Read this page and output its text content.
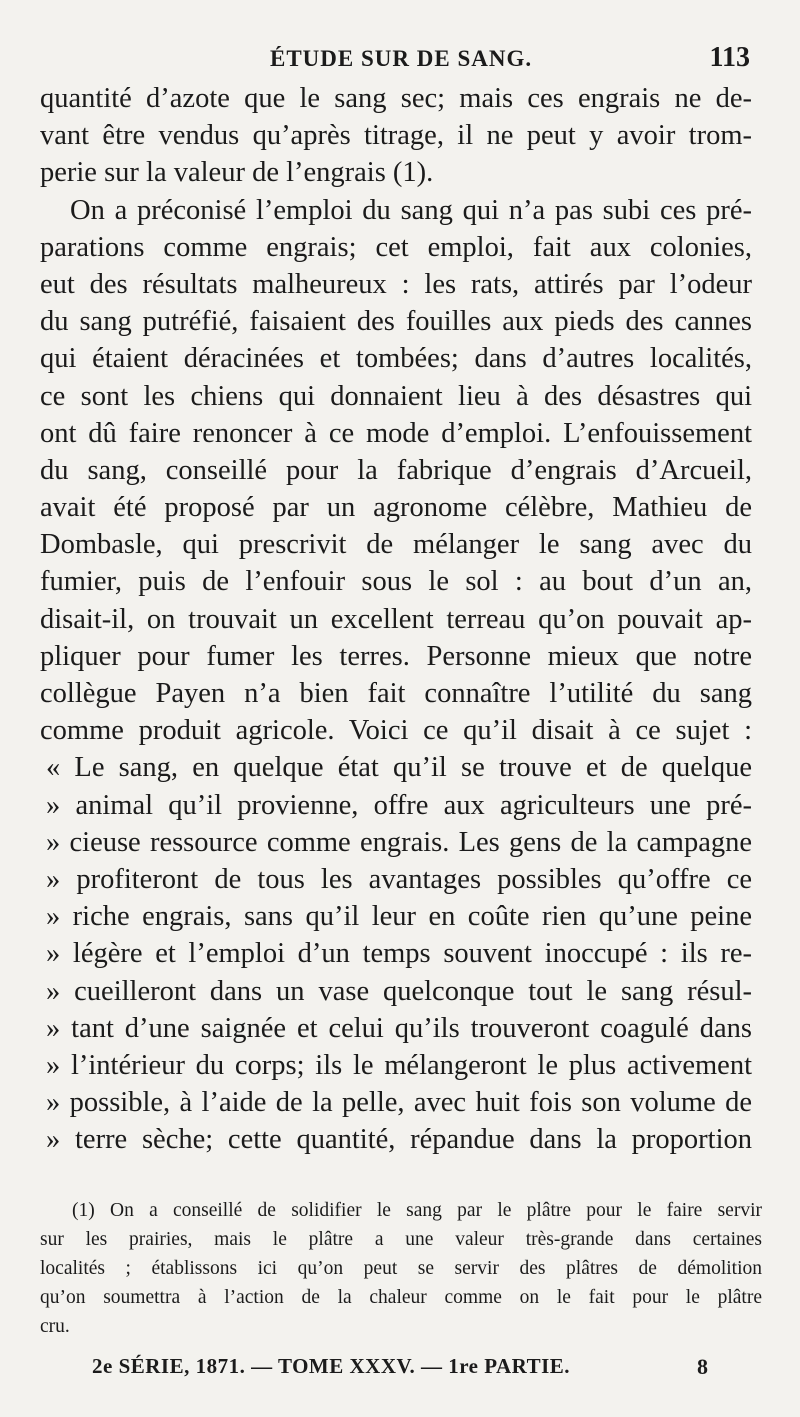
ÉTUDE SUR DE SANG.	113
quantité d’azote que le sang sec; mais ces engrais ne de-
vant être vendus qu’après titrage, il ne peut y avoir trom-
perie sur la valeur de l’engrais (1).
On a préconisé l’emploi du sang qui n’a pas subi ces pré-
parations comme engrais; cet emploi, fait aux colonies,
eut des résultats malheureux : les rats, attirés par l’odeur
du sang putréfié, faisaient des fouilles aux pieds des cannes
qui étaient déracinées et tombées; dans d’autres localités,
ce sont les chiens qui donnaient lieu à des désastres qui
ont dû faire renoncer à ce mode d’emploi. L’enfouissement
du sang, conseillé pour la fabrique d’engrais d’Arcueil,
avait été proposé par un agronome célèbre, Mathieu de
Dombasle, qui prescrivit de mélanger le sang avec du
fumier, puis de l’enfouir sous le sol : au bout d’un an,
disait-il, on trouvait un excellent terreau qu’on pouvait ap-
pliquer pour fumer les terres. Personne mieux que notre
collègue Payen n’a bien fait connaître l’utilité du sang
comme produit agricole. Voici ce qu’il disait à ce sujet :
« Le sang, en quelque état qu’il se trouve et de quelque
» animal qu’il provienne, offre aux agriculteurs une pré-
» cieuse ressource comme engrais. Les gens de la campagne
» profiteront de tous les avantages possibles qu’offre ce
» riche engrais, sans qu’il leur en coûte rien qu’une peine
» légère et l’emploi d’un temps souvent inoccupé : ils re-
» cueilleront dans un vase quelconque tout le sang résul-
» tant d’une saignée et celui qu’ils trouveront coagulé dans
» l’intérieur du corps; ils le mélangeront le plus activement
» possible, à l’aide de la pelle, avec huit fois son volume de
» terre sèche; cette quantité, répandue dans la proportion
(1) On a conseillé de solidifier le sang par le plâtre pour le faire servir
sur les prairies, mais le plâtre a une valeur très-grande dans certaines
localités ; établissons ici qu’on peut se servir des plâtres de démolition
qu’on soumettra à l’action de la chaleur comme on le fait pour le plâtre
cru.
2e SÉRIE, 1871. — TOME XXXV. — 1re PARTIE.	8
